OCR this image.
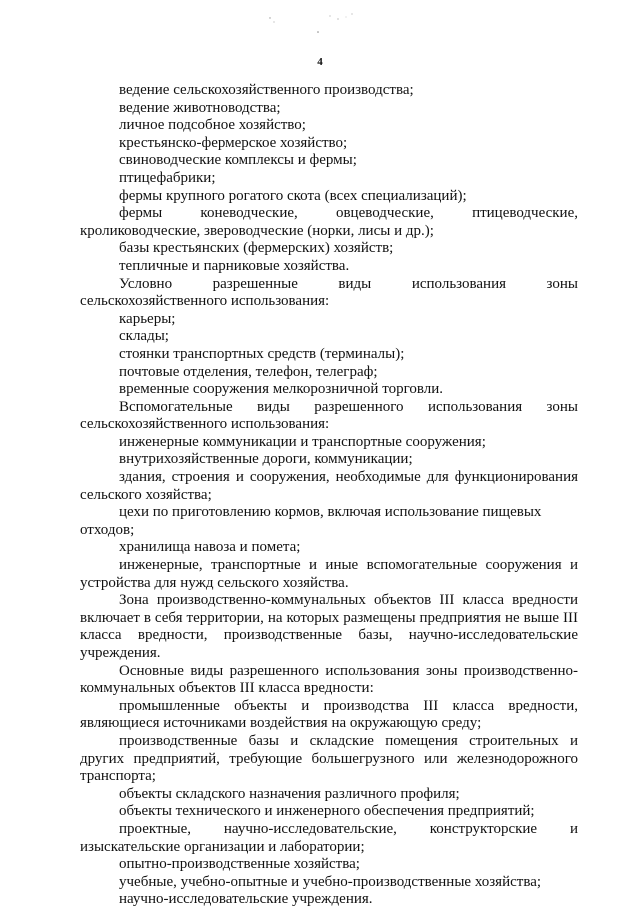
4

ведение сельскохозяйственного производства;

ведение животноводства;

личное подсобное хозяйство;

крестьянско-фермерское хозяйство;

свиноводческие комплексы и фермы;

птицефабрики;

фермы крупного рогатого скота (всех специализаций);

фермы коневодческие, овцеводческие, птицеводческие, кролиководческие, звероводческие (норки, лисы и др.);

базы крестьянских (фермерских) хозяйств;

тепличные и парниковые хозяйства.

Условно разрешенные виды использования зоны сельскохозяйственного использования:

карьеры;

склады;

стоянки транспортных средств (терминалы);

почтовые отделения, телефон, телеграф;

временные сооружения мелкорозничной торговли.

Вспомогательные виды разрешенного использования зоны сельскохозяйственного использования:

инженерные коммуникации и транспортные сооружения;

внутрихозяйственные дороги, коммуникации;

здания, строения и сооружения, необходимые для функционирования сельского хозяйства;

цехи по приготовлению кормов, включая использование пищевых отходов;

хранилища навоза и помета;

инженерные, транспортные и иные вспомогательные сооружения и устройства для нужд сельского хозяйства.

Зона производственно-коммунальных объектов III класса вредности включает в себя территории, на которых размещены предприятия не выше III класса вредности, производственные базы, научно-исследовательские учреждения.

Основные виды разрешенного использования зоны производственно-коммунальных объектов III класса вредности:

промышленные объекты и производства III класса вредности, являющиеся источниками воздействия на окружающую среду;

производственные базы и складские помещения строительных и других предприятий, требующие большегрузного или железнодорожного транспорта;

объекты складского назначения различного профиля;

объекты технического и инженерного обеспечения предприятий;

проектные, научно-исследовательские, конструкторские и изыскательские организации и лаборатории;

опытно-производственные хозяйства;

учебные, учебно-опытные и учебно-производственные хозяйства;

научно-исследовательские учреждения.
